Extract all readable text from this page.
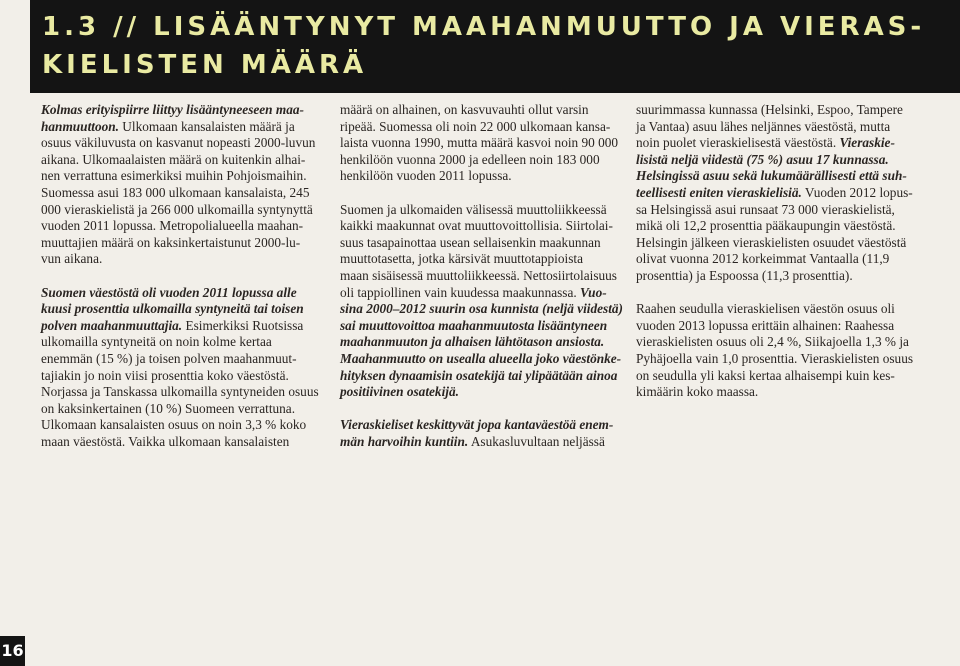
1.3 // LISÄÄNTYNYT MAAHANMUUTTO JA VIERAS-
KIELISTEN MÄÄRÄ

Kolmas erityispiirre liittyy lisääntyneeseen maa-
hanmuuttoon. Ulkomaan kansalaisten määrä ja
osuus väkiluvusta on kasvanut nopeasti 2000-luvun
aikana. Ulkomaalaisten määrä on kuitenkin alhai-
nen verrattuna esimerkiksi muihin Pohjoismaihin.
Suomessa asui 183 000 ulkomaan kansalaista, 245
000 vieraskielistä ja 266 000 ulkomailla syntynyttä
vuoden 2011 lopussa. Metropolialueella maahan-
muuttajien määrä on kaksinkertaistunut 2000-lu-
vun aikana.

Suomen väestöstä oli vuoden 2011 lopussa alle
kuusi prosenttia ulkomailla syntyneitä tai toisen
polven maahanmuuttajia. Esimerkiksi Ruotsissa
ulkomailla syntyneitä on noin kolme kertaa
enemmän (15 %) ja toisen polven maahanmuut-
tajiakin jo noin viisi prosenttia koko väestöstä.
Norjassa ja Tanskassa ulkomailla syntyneiden osuus
on kaksinkertainen (10 %) Suomeen verrattuna.
Ulkomaan kansalaisten osuus on noin 3,3 % koko
maan väestöstä. Vaikka ulkomaan kansalaisten

määrä on alhainen, on kasvuvauhti ollut varsin
ripeää. Suomessa oli noin 22 000 ulkomaan kansa-
laista vuonna 1990, mutta määrä kasvoi noin 90 000
henkilöön vuonna 2000 ja edelleen noin 183 000
henkilöön vuoden 2011 lopussa.

Suomen ja ulkomaiden välisessä muuttoliikkeessä
kaikki maakunnat ovat muuttovoittollisia. Siirtolai-
suus tasapainottaa usean sellaisenkin maakunnan
muuttotasetta, jotka kärsivät muuttotappioista
maan sisäisessä muuttoliikkeessä. Nettosiirtolaisuus
oli tappiollinen vain kuudessa maakunnassa. Vuo-
sina 2000–2012 suurin osa kunnista (neljä viidestä)
sai muuttovoittoa maahanmuutosta lisääntyneen
maahanmuuton ja alhaisen lähtötason ansiosta.
Maahanmuutto on usealla alueella joko väestönke-
hityksen dynaamisin osatekijä tai ylipäätään ainoa
positiivinen osatekijä.

Vieraskieliset keskittyvät jopa kantaväestöä enem-
män harvoihin kuntiin. Asukasluvultaan neljässä

suurimmassa kunnassa (Helsinki, Espoo, Tampere
ja Vantaa) asuu lähes neljännes väestöstä, mutta
noin puolet vieraskielisestä väestöstä. Vieraskie-
lisistä neljä viidestä (75 %) asuu 17 kunnassa.
Helsingissä asuu sekä lukumäärällisesti että suh-
teellisesti eniten vieraskielisiä. Vuoden 2012 lopus-
sa Helsingissä asui runsaat 73 000 vieraskielistä,
mikä oli 12,2 prosenttia pääkaupungin väestöstä.
Helsingin jälkeen vieraskielisten osuudet väestöstä
olivat vuonna 2012 korkeimmat Vantaalla (11,9
prosenttia) ja Espoossa (11,3 prosenttia).

Raahen seudulla vieraskielisen väestön osuus oli
vuoden 2013 lopussa erittäin alhainen: Raahessa
vieraskielisten osuus oli 2,4 %, Siikajoella 1,3 % ja
Pyhäjoella vain 1,0 prosenttia. Vieraskielisten osuus
on seudulla yli kaksi kertaa alhaisempi kuin kes-
kimäärin koko maassa.

16
